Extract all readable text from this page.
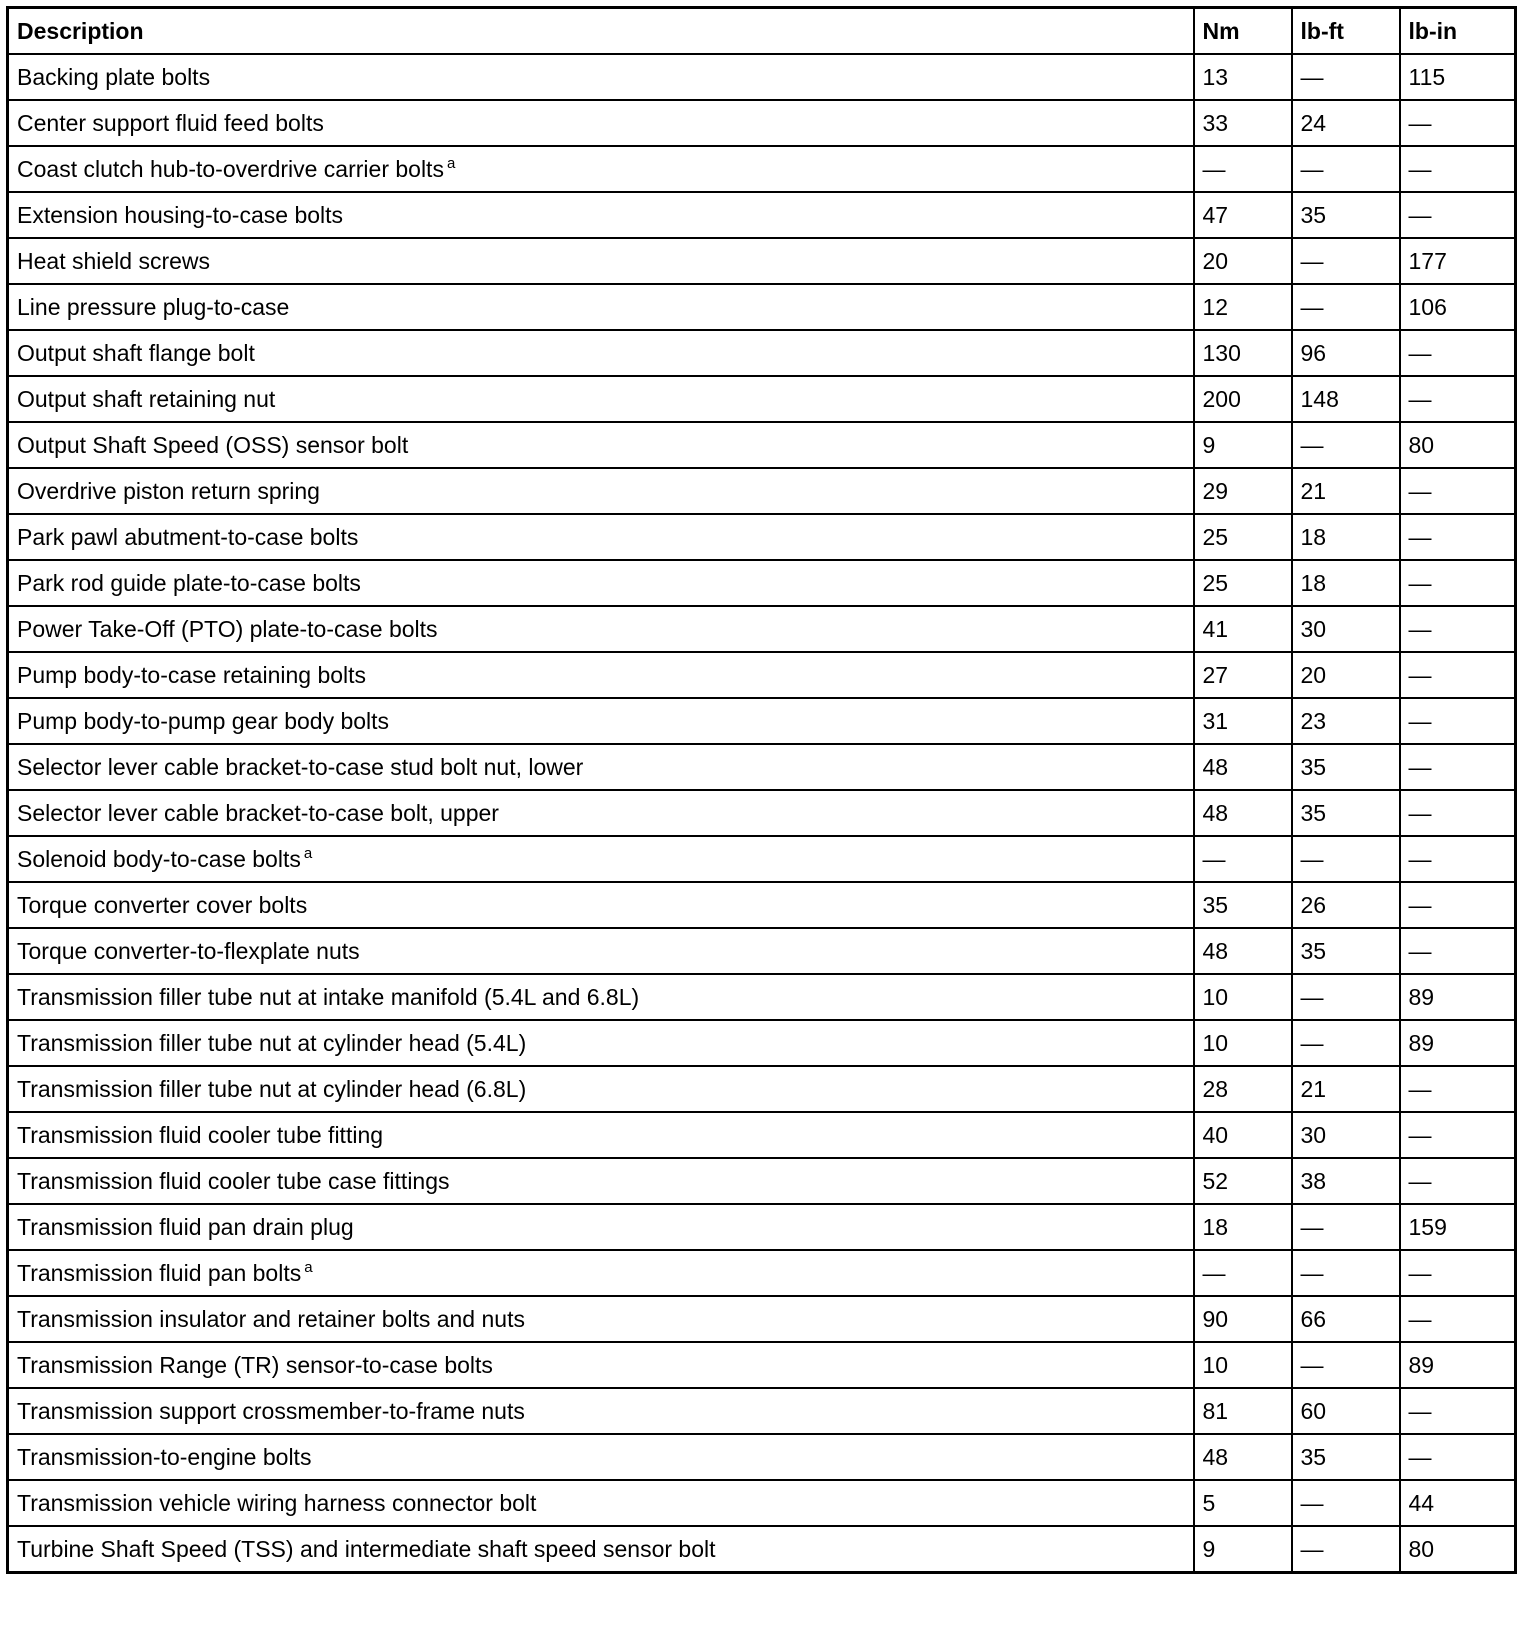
Description	Nm	lb-ft	lb-in
Backing plate bolts	13	—	115
Center support fluid feed bolts	33	24	—
Coast clutch hub-to-overdrive carrier bolts $^a$	—	—	—
Extension housing-to-case bolts	47	35	—
Heat shield screws	20	—	177
Line pressure plug-to-case	12	—	106
Output shaft flange bolt	130	96	—
Output shaft retaining nut	200	148	—
Output Shaft Speed (OSS) sensor bolt	9	—	80
Overdrive piston return spring	29	21	—
Park pawl abutment-to-case bolts	25	18	—
Park rod guide plate-to-case bolts	25	18	—
Power Take-Off (PTO) plate-to-case bolts	41	30	—
Pump body-to-case retaining bolts	27	20	—
Pump body-to-pump gear body bolts	31	23	—
Selector lever cable bracket-to-case stud bolt nut, lower	48	35	—
Selector lever cable bracket-to-case bolt, upper	48	35	—
Solenoid body-to-case bolts $^a$	—	—	—
Torque converter cover bolts	35	26	—
Torque converter-to-flexplate nuts	48	35	—
Transmission filler tube nut at intake manifold (5.4L and 6.8L)	10	—	89
Transmission filler tube nut at cylinder head (5.4L)	10	—	89
Transmission filler tube nut at cylinder head (6.8L)	28	21	—
Transmission fluid cooler tube fitting	40	30	—
Transmission fluid cooler tube case fittings	52	38	—
Transmission fluid pan drain plug	18	—	159
Transmission fluid pan bolts $^a$	—	—	—
Transmission insulator and retainer bolts and nuts	90	66	—
Transmission Range (TR) sensor-to-case bolts	10	—	89
Transmission support crossmember-to-frame nuts	81	60	—
Transmission-to-engine bolts	48	35	—
Transmission vehicle wiring harness connector bolt	5	—	44
Turbine Shaft Speed (TSS) and intermediate shaft speed sensor bolt	9	—	80
